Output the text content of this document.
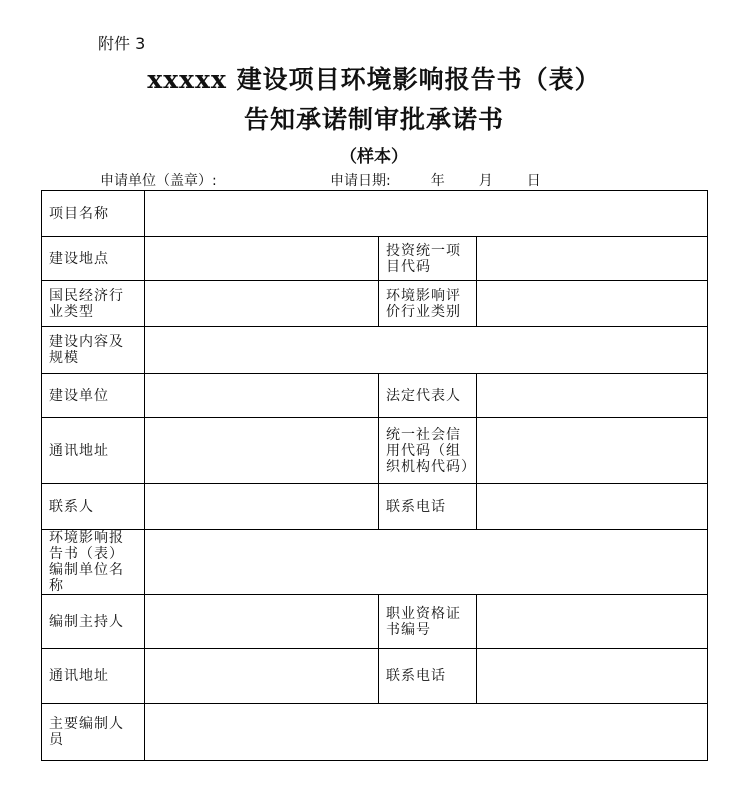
附件 3
xxxxx 建设项目环境影响报告书（表）
告知承诺制审批承诺书
（样本）
申请单位（盖章）:	申请日期:	年 月 日
项目名称			
建设地点		投资统一项目代码	
国民经济行业类型		环境影响评价行业类别	
建设内容及规模			
建设单位		法定代表人	
通讯地址		统一社会信用代码（组织机构代码）	
联系人		联系电话	
环境影响报告书（表）编制单位名称			
编制主持人		职业资格证书编号	
通讯地址		联系电话	
主要编制人员			
